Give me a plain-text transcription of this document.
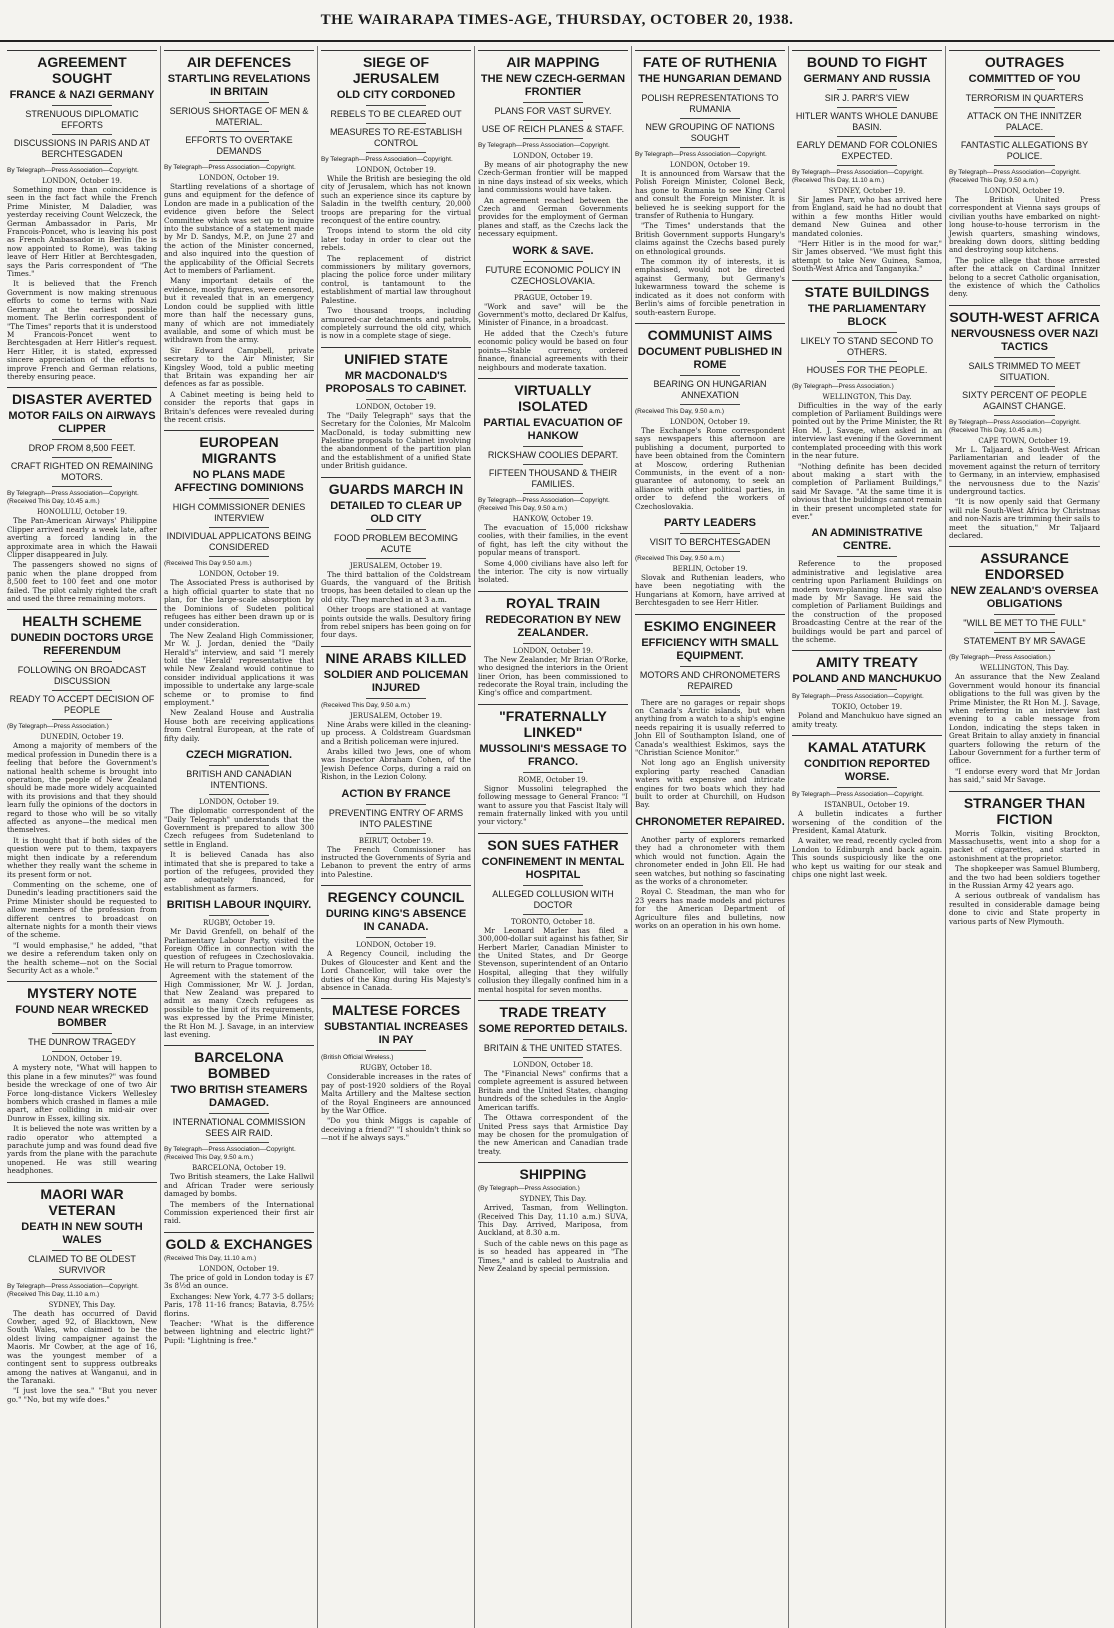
THE WAIRARAPA TIMES-AGE, THURSDAY, OCTOBER 20, 1938.
AGREEMENT SOUGHT
FRANCE & NAZI GERMANY
STRENUOUS DIPLOMATIC EFFORTS
DISCUSSIONS IN PARIS AND AT BERCHTESGADEN
By Telegraph—Press Association—Copyright.
LONDON, October 19.

Something more than coincidence is seen in the fact fact while the French Prime Minister, M Daladier, was yesterday receiving Count Welczeck, the German Ambassador in Paris, Mr Francois-Poncet, who is leaving his post as French Ambassador in Berlin (he is now appointed to Rome), was taking leave of Herr Hitler at Berchtesgaden, says the Paris correspondent of "The Times."

It is believed that the French Government is now making strenuous efforts to come to terms with Nazi Germany at the earliest possible moment. The Berlin correspondent of "The Times" reports that it is understood M Francois-Poncet went to Berchtesgaden at Herr Hitler's request. Herr Hitler, it is stated, expressed sincere appreciation of the efforts to improve French and German relations, thereby ensuring peace.

DISASTER AVERTED
MOTOR FAILS ON AIRWAYS CLIPPER
DROP FROM 8,500 FEET.
CRAFT RIGHTED ON REMAINING MOTORS.
By Telegraph—Press Association—Copyright. (Received This Day, 10.45 a.m.)
HONOLULU, October 19.

The Pan-American Airways' Philippine Clipper arrived nearly a week late, after averting a forced landing in the approximate area in which the Hawaii Clipper disappeared in July.

The passengers showed no signs of panic when the plane dropped from 8,500 feet to 100 feet and one motor failed. The pilot calmly righted the craft and used the three remaining motors.

HEALTH SCHEME
DUNEDIN DOCTORS URGE REFERENDUM
FOLLOWING ON BROADCAST DISCUSSION
READY TO ACCEPT DECISION OF PEOPLE
(By Telegraph—Press Association.)
DUNEDIN, October 19.

Among a majority of members of the medical profession in Dunedin there is a feeling that before the Government's national health scheme is brought into operation, the people of New Zealand should be made more widely acquainted with its provisions and that they should learn fully the opinions of the doctors in regard to those who will be so vitally affected as anyone—the medical men themselves.

It is thought that if both sides of the question were put to them, taxpayers might then indicate by a referendum whether they really want the scheme in its present form or not.

Commenting on the scheme, one of Dunedin's leading practitioners said the Prime Minister should be requested to allow members of the profession from different centres to broadcast on alternate nights for a month their views of the scheme.

"I would emphasise," he added, "that we desire a referendum taken only on the health scheme—not on the Social Security Act as a whole."

MYSTERY NOTE
FOUND NEAR WRECKED BOMBER
THE DUNROW TRAGEDY
LONDON, October 19.

A mystery note, "What will happen to this plane in a few minutes?" was found beside the wreckage of one of two Air Force long-distance Vickers Wellesley bombers which crashed in flames a mile apart, after colliding in mid-air over Dunrow in Essex, killing six.

It is believed the note was written by a radio operator who attempted a parachute jump and was found dead five yards from the plane with the parachute unopened. He was still wearing headphones.

MAORI WAR VETERAN
DEATH IN NEW SOUTH WALES
CLAIMED TO BE OLDEST SURVIVOR
By Telegraph—Press Association—Copyright. (Received This Day, 11.10 a.m.)
SYDNEY, This Day.

The death has occurred of David Cowber, aged 92, of Blacktown, New South Wales, who claimed to be the oldest living campaigner against the Maoris. Mr Cowber, at the age of 16, was the youngest member of a contingent sent to suppress outbreaks among the natives at Wanganui, and in the Taranaki.

"I just love the sea." "But you never go." "No, but my wife does."

AIR DEFENCES
STARTLING REVELATIONS IN BRITAIN
SERIOUS SHORTAGE OF MEN & MATERIAL.
EFFORTS TO OVERTAKE DEMANDS
By Telegraph—Press Association—Copyright.
LONDON, October 19.

Startling revelations of a shortage of guns and equipment for the defence of London are made in a publication of the evidence given before the Select Committee which was set up to inquire into the substance of a statement made by Mr D. Sandys, M.P., on June 27 and the action of the Minister concerned, and also inquired into the question of the applicability of the Official Secrets Act to members of Parliament.

Many important details of the evidence, mostly figures, were censored, but it revealed that in an emergency London could be supplied with little more than half the necessary guns, many of which are not immediately available, and some of which must be withdrawn from the army.

Sir Edward Campbell, private secretary to the Air Minister, Sir Kingsley Wood, told a public meeting that Britain was expanding her air defences as far as possible.

A Cabinet meeting is being held to consider the reports that gaps in Britain's defences were revealed during the recent crisis.

EUROPEAN MIGRANTS
NO PLANS MADE AFFECTING DOMINIONS
HIGH COMMISSIONER DENIES INTERVIEW
INDIVIDUAL APPLICATONS BEING CONSIDERED
(Received This Day 9.50 a.m.)
LONDON, October 19.

The Associated Press is authorised by a high official quarter to state that no plan, for the large-scale absorption by the Dominions of Sudeten political refugees has either been drawn up or is under consideration.

The New Zealand High Commissioner, Mr W. J. Jordan, denied the "Daily Herald's" interview, and said "I merely told the 'Herald' representative that while New Zealand would continue to consider individual applications it was impossible to undertake any large-scale scheme or to promise to find employment."

New Zealand House and Australia House both are receiving applications from Central European, at the rate of fifty daily.

CZECH MIGRATION.
BRITISH AND CANADIAN INTENTIONS.
LONDON, October 19.

The diplomatic correspondent of the "Daily Telegraph" understands that the Government is prepared to allow 300 Czech refugees from Sudetenland to settle in England.

It is believed Canada has also intimated that she is prepared to take a portion of the refugees, provided they are adequately financed, for establishment as farmers.

BRITISH LABOUR INQUIRY.
RUGBY, October 19.

Mr David Grenfell, on behalf of the Parliamentary Labour Party, visited the Foreign Office in connection with the question of refugees in Czechoslovakia. He will return to Prague tomorrow.

Agreement with the statement of the High Commissioner, Mr W. J. Jordan, that New Zealand was prepared to admit as many Czech refugees as possible to the limit of its requirements, was expressed by the Prime Minister, the Rt Hon M. J. Savage, in an interview last evening.

BARCELONA BOMBED
TWO BRITISH STEAMERS DAMAGED.
INTERNATIONAL COMMISSION SEES AIR RAID.
By Telegraph—Press Association—Copyright. (Received This Day, 9.50 a.m.)
BARCELONA, October 19.

Two British steamers, the Lake Hallwil and African Trader were seriously damaged by bombs.

The members of the International Commission experienced their first air raid.

GOLD & EXCHANGES
(Received This Day, 11.10 a.m.)
LONDON, October 19.

The price of gold in London today is £7 3s 8½d an ounce.

Exchanges: New York, 4.77 3-5 dollars; Paris, 178 11-16 francs; Batavia, 8.75½ florins.

Teacher: "What is the difference between lightning and electric light?" Pupil: "Lightning is free."

SIEGE OF JERUSALEM
OLD CITY CORDONED
REBELS TO BE CLEARED OUT
MEASURES TO RE-ESTABLISH CONTROL
By Telegraph—Press Association—Copyright.
LONDON, October 19.

While the British are besieging the old city of Jerusalem, which has not known such an experience since its capture by Saladin in the twelfth century, 20,000 troops are preparing for the virtual reconquest of the entire country.

Troops intend to storm the old city later today in order to clear out the rebels.

The replacement of district commissioners by military governors, placing the police force under military control, is tantamount to the establishment of martial law throughout Palestine.

Two thousand troops, including armoured-car detachments and patrols, completely surround the old city, which is now in a complete stage of siege.

UNIFIED STATE
MR MACDONALD'S PROPOSALS TO CABINET.
LONDON, October 19.

The "Daily Telegraph" says that the Secretary for the Colonies, Mr Malcolm MacDonald, is today submitting new Palestine proposals to Cabinet involving the abandonment of the partition plan and the establishment of a unified State under British guidance.

GUARDS MARCH IN
DETAILED TO CLEAR UP OLD CITY
FOOD PROBLEM BECOMING ACUTE
JERUSALEM, October 19.

The third battalion of the Coldstream Guards, the vanguard of the British troops, has been detailed to clean up the old city. They marched in at 3 a.m.

Other troops are stationed at vantage points outside the walls. Desultory firing from rebel snipers has been going on for four days.

NINE ARABS KILLED
SOLDIER AND POLICEMAN INJURED
(Received This Day, 9.50 a.m.)
JERUSALEM, October 19.

Nine Arabs were killed in the cleaning-up process. A Coldstream Guardsman and a British policeman were injured.

Arabs killed two Jews, one of whom was Inspector Abraham Cohen, of the Jewish Defence Corps, during a raid on Rishon, in the Lezion Colony.

ACTION BY FRANCE
PREVENTING ENTRY OF ARMS INTO PALESTINE
BEIRUT, October 19.

The French Commissioner has instructed the Governments of Syria and Lebanon to prevent the entry of arms into Palestine.

REGENCY COUNCIL
DURING KING'S ABSENCE IN CANADA.
LONDON, October 19.

A Regency Council, including the Dukes of Gloucester and Kent and the Lord Chancellor, will take over the duties of the King during His Majesty's absence in Canada.

MALTESE FORCES
SUBSTANTIAL INCREASES IN PAY
(British Official Wireless.)
RUGBY, October 18.

Considerable increases in the rates of pay of post-1920 soldiers of the Royal Malta Artillery and the Maltese section of the Royal Engineers are announced by the War Office.

"Do you think Miggs is capable of deceiving a friend?" "I shouldn't think so—not if he always says."

AIR MAPPING
THE NEW CZECH-GERMAN FRONTIER
PLANS FOR VAST SURVEY.
USE OF REICH PLANES & STAFF.
By Telegraph—Press Association—Copyright.
LONDON, October 19.

By means of air photography the new Czech-German frontier will be mapped in nine days instead of six weeks, which land commissions would have taken.

An agreement reached between the Czech and German Governments provides for the employment of German planes and staff, as the Czechs lack the necessary equipment.

WORK & SAVE.
FUTURE ECONOMIC POLICY IN CZECHOSLOVAKIA.
PRAGUE, October 19.

"Work and save" will be the Government's motto, declared Dr Kalfus, Minister of Finance, in a broadcast.

He added that the Czech's future economic policy would be based on four points—Stable currency, ordered finance, financial agreements with their neighbours and moderate taxation.

VIRTUALLY ISOLATED
PARTIAL EVACUATION OF HANKOW
RICKSHAW COOLIES DEPART.
FIFTEEN THOUSAND & THEIR FAMILIES.
By Telegraph—Press Association—Copyright. (Received This Day, 9.50 a.m.)
HANKOW, October 19.

The evacuation of 15,000 rickshaw coolies, with their families, in the event of fight, has left the city without the popular means of transport.

Some 4,000 civilians have also left for the interior. The city is now virtually isolated.

ROYAL TRAIN
REDECORATION BY NEW ZEALANDER.
LONDON, October 19.

The New Zealander, Mr Brian O'Rorke, who designed the interiors in the Orient liner Orion, has been commissioned to redecorate the Royal train, including the King's office and compartment.

"FRATERNALLY LINKED"
MUSSOLINI'S MESSAGE TO FRANCO.
ROME, October 19.

Signor Mussolini telegraphed the following message to General Franco: "I want to assure you that Fascist Italy will remain fraternally linked with you until your victory."

SON SUES FATHER
CONFINEMENT IN MENTAL HOSPITAL
ALLEGED COLLUSION WITH DOCTOR
TORONTO, October 18.

Mr Leonard Marler has filed a 300,000-dollar suit against his father, Sir Herbert Marler, Canadian Minister to the United States, and Dr George Stevenson, superintendent of an Ontario Hospital, alleging that they wilfully collusion they illegally confined him in a mental hospital for seven months.

TRADE TREATY
SOME REPORTED DETAILS.
BRITAIN & THE UNITED STATES.
LONDON, October 18.

The "Financial News" confirms that a complete agreement is assured between Britain and the United States, changing hundreds of the schedules in the Anglo-American tariffs.

The Ottawa correspondent of the United Press says that Armistice Day may be chosen for the promulgation of the new American and Canadian trade treaty.

SHIPPING
(By Telegraph—Press Association.)
SYDNEY, This Day.

Arrived, Tasman, from Wellington. (Received This Day, 11.10 a.m.) SUVA, This Day. Arrived, Mariposa, from Auckland, at 8.30 a.m.

Such of the cable news on this page as is so headed has appeared in "The Times," and is cabled to Australia and New Zealand by special permission.

FATE OF RUTHENIA
THE HUNGARIAN DEMAND
POLISH REPRESENTATIONS TO RUMANIA
NEW GROUPING OF NATIONS SOUGHT
By Telegraph—Press Association—Copyright.
LONDON, October 19.

It is announced from Warsaw that the Polish Foreign Minister, Colonel Beck, has gone to Rumania to see King Carol and consult the Foreign Minister. It is believed he is seeking support for the transfer of Ruthenia to Hungary.

"The Times" understands that the British Government supports Hungary's claims against the Czechs based purely on ethnological grounds.

The common ity of interests, it is emphasised, would not be directed against Germany, but Germany's lukewarmness toward the scheme is indicated as it does not conform with Berlin's aims of forcible penetration in south-eastern Europe.

COMMUNIST AIMS
DOCUMENT PUBLISHED IN ROME
BEARING ON HUNGARIAN ANNEXATION
(Received This Day, 9.50 a.m.)
LONDON, October 19.

The Exchange's Rome correspondent says newspapers this afternoon are publishing a document, purported to have been obtained from the Comintern at Moscow, ordering Ruthenian Communists, in the event of a non-guarantee of autonomy, to seek an alliance with other political parties, in order to defend the workers of Czechoslovakia.

PARTY LEADERS
VISIT TO BERCHTESGADEN
(Received This Day, 9.50 a.m.)
BERLIN, October 19.

Slovak and Ruthenian leaders, who have been negotiating with the Hungarians at Komorn, have arrived at Berchtesgaden to see Herr Hitler.

ESKIMO ENGINEER
EFFICIENCY WITH SMALL EQUIPMENT.
MOTORS AND CHRONOMETERS REPAIRED

There are no garages or repair shops on Canada's Arctic islands, but when anything from a watch to a ship's engine needs repairing it is usually referred to John Ell of Southampton Island, one of Canada's wealthiest Eskimos, says the "Christian Science Monitor."

Not long ago an English university exploring party reached Canadian waters with expensive and intricate engines for two boats which they had built to order at Churchill, on Hudson Bay.

CHRONOMETER REPAIRED.

Another party of explorers remarked they had a chronometer with them which would not function. Again the chronometer ended in John Ell. He had seen watches, but nothing so fascinating as the works of a chronometer.

Royal C. Steadman, the man who for 23 years has made models and pictures for the American Department of Agriculture files and bulletins, now works on an operation in his own home.

BOUND TO FIGHT
GERMANY AND RUSSIA
SIR J. PARR'S VIEW
HITLER WANTS WHOLE DANUBE BASIN.
EARLY DEMAND FOR COLONIES EXPECTED.
By Telegraph—Press Association—Copyright. (Received This Day, 11.10 a.m.)
SYDNEY, October 19.

Sir James Parr, who has arrived here from England, said he had no doubt that within a few months Hitler would demand New Guinea and other mandated colonies.

"Herr Hitler is in the mood for war," Sir James observed. "We must fight this attempt to take New Guinea, Samoa, South-West Africa and Tanganyika."

STATE BUILDINGS
THE PARLIAMENTARY BLOCK
LIKELY TO STAND SECOND TO OTHERS.
HOUSES FOR THE PEOPLE.
(By Telegraph—Press Association.)
WELLINGTON, This Day.

Difficulties in the way of the early completion of Parliament Buildings were pointed out by the Prime Minister, the Rt Hon M. J. Savage, when asked in an interview last evening if the Government contemplated proceeding with this work in the near future.

"Nothing definite has been decided about making a start with the completion of Parliament Buildings," said Mr Savage. "At the same time it is obvious that the buildings cannot remain in their present uncompleted state for ever."

AN ADMINISTRATIVE CENTRE.

Reference to the proposed administrative and legislative area centring upon Parliament Buildings on modern town-planning lines was also made by Mr Savage. He said the completion of Parliament Buildings and the construction of the proposed Broadcasting Centre at the rear of the buildings would be part and parcel of the scheme.

AMITY TREATY
POLAND AND MANCHUKUO
By Telegraph—Press Association—Copyright.
TOKIO, October 19.

Poland and Manchukuo have signed an amity treaty.

KAMAL ATATURK
CONDITION REPORTED WORSE.
By Telegraph—Press Association—Copyright.
ISTANBUL, October 19.

A bulletin indicates a further worsening of the condition of the President, Kamal Ataturk.

A waiter, we read, recently cycled from London to Edinburgh and back again. This sounds suspiciously like the one who kept us waiting for our steak and chips one night last week.

OUTRAGES
COMMITTED OF YOU
TERRORISM IN QUARTERS
ATTACK ON THE INNITZER PALACE.
FANTASTIC ALLEGATIONS BY POLICE.
By Telegraph—Press Association—Copyright. (Received This Day, 9.50 a.m.)
LONDON, October 19.

The British United Press correspondent at Vienna says groups of civilian youths have embarked on night-long house-to-house terrorism in the Jewish quarters, smashing windows, breaking down doors, slitting bedding and destroying soup kitchens.

The police allege that those arrested after the attack on Cardinal Innitzer belong to a secret Catholic organisation, the existence of which the Catholics deny.

SOUTH-WEST AFRICA
NERVOUSNESS OVER NAZI TACTICS
SAILS TRIMMED TO MEET SITUATION.
SIXTY PERCENT OF PEOPLE AGAINST CHANGE.
By Telegraph—Press Association—Copyright. (Received This Day, 10.45 a.m.)
CAPE TOWN, October 19.

Mr L. Taljaard, a South-West African Parliamentarian and leader of the movement against the return of territory to Germany, in an interview, emphasised the nervousness due to the Nazis' underground tactics.

"It is now openly said that Germany will rule South-West Africa by Christmas and non-Nazis are trimming their sails to meet the situation," Mr Taljaard declared.

ASSURANCE ENDORSED
NEW ZEALAND'S OVERSEA OBLIGATIONS
"WILL BE MET TO THE FULL"
STATEMENT BY MR SAVAGE
(By Telegraph—Press Association.)
WELLINGTON, This Day.

An assurance that the New Zealand Government would honour its financial obligations to the full was given by the Prime Minister, the Rt Hon M. J. Savage, when referring in an interview last evening to a cable message from London, indicating the steps taken in Great Britain to allay anxiety in financial quarters following the return of the Labour Government for a further term of office.

"I endorse every word that Mr Jordan has said," said Mr Savage.

STRANGER THAN FICTION

Morris Tolkin, visiting Brockton, Massachusetts, went into a shop for a packet of cigarettes, and started in astonishment at the proprietor.

The shopkeeper was Samuel Blumberg, and the two had been soldiers together in the Russian Army 42 years ago.

A serious outbreak of vandalism has resulted in considerable damage being done to civic and State property in various parts of New Plymouth.
